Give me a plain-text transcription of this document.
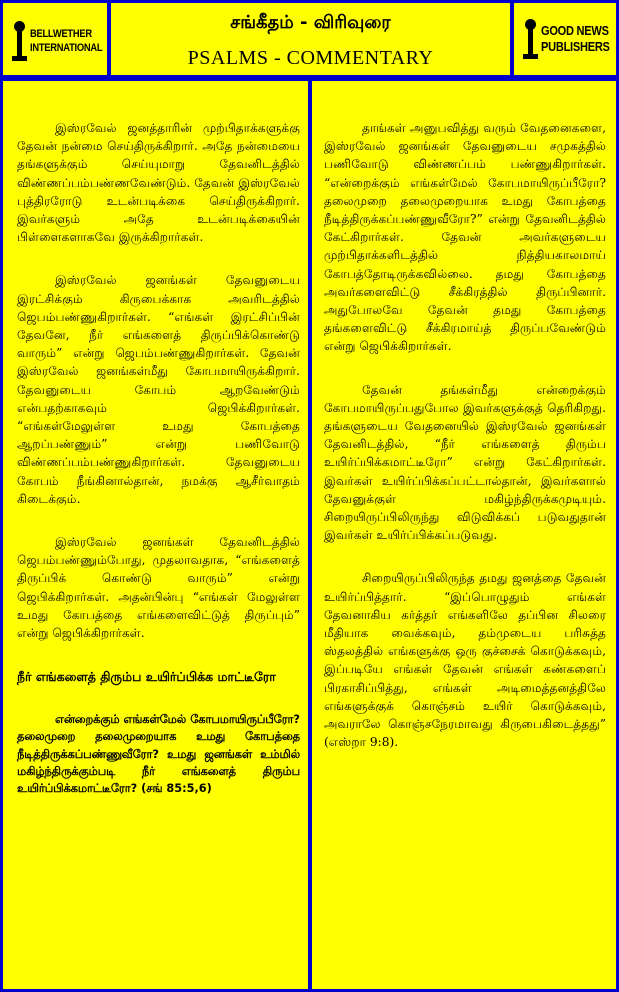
BELLWETHER
INTERNATIONAL
சங்கீதம் - விரிவுரை
PSALMS - COMMENTARY
GOOD NEWS
PUBLISHERS

இஸ்ரவேல் ஜனத்தாரின் முற்பிதாக்களுக்கு தேவன் நன்மை செய்திருக்கிறார். அதே நன்மையை தங்களுக்கும் செய்யுமாறு தேவனிடத்தில் விண்ணப்பம்பண்ணவேண்டும். தேவன் இஸ்ரவேல் புத்திரரோடு உடன்படிக்கை செய்திருக்கிறார். இவர்களும் அதே உடன்படிக்கையின் பிள்ளைகளாகவே இருக்கிறார்கள்.

இஸ்ரவேல் ஜனங்கள் தேவனுடைய இரட்சிக்கும் கிருபைக்காக அவரிடத்தில் ஜெபம்பண்ணுகிறார்கள். “எங்கள் இரட்சிப்பின் தேவனே, நீர் எங்களைத் திருப்பிக்கொண்டு வாரும்” என்று ஜெபம்பண்ணுகிறார்கள். தேவன் இஸ்ரவேல் ஜனங்கள்மீது கோபமாயிருக்கிறார். தேவனுடைய கோபம் ஆறவேண்டும் என்பதற்காகவும் ஜெபிக்கிறார்கள். “எங்கள்மேலுள்ள உமது கோபத்தை ஆறப்பண்ணும்” என்று பணிவோடு விண்ணப்பம்பண்ணுகிறார்கள். தேவனுடைய கோபம் நீங்கினால்தான், நமக்கு ஆசீர்வாதம் கிடைக்கும்.

இஸ்ரவேல் ஜனங்கள் தேவனிடத்தில் ஜெபம்பண்ணும்போது, முதலாவதாக, “எங்களைத் திருப்பிக் கொண்டு வாரும்” என்று ஜெபிக்கிறார்கள். அதன்பின்பு “எங்கள் மேலுள்ள உமது கோபத்தை எங்களைவிட்டுத் திருப்பும்” என்று ஜெபிக்கிறார்கள்.

நீர் எங்களைத் திரும்ப உயிர்ப்பிக்க மாட்டீரோ

என்றைக்கும் எங்கள்மேல் கோபமாயிருப்பீரோ? தலைமுறை தலைமுறையாக உமது கோபத்தை நீடித்திருக்கப்பண்ணுவீரோ? உமது ஜனங்கள் உம்மில் மகிழ்ந்திருக்கும்படி நீர் எங்களைத் திரும்ப உயிர்ப்பிக்கமாட்டீரோ? (சங் 85:5,6)

தாங்கள் அனுபவித்து வரும் வேதனைகளை, இஸ்ரவேல் ஜனங்கள் தேவனுடைய சமுகத்தில் பணிவோடு விண்ணப்பம் பண்ணுகிறார்கள். “என்றைக்கும் எங்கள்மேல் கோபமாயிருப்பீரோ? தலைமுறை தலைமுறையாக உமது கோபத்தை நீடித்திருக்கப்பண்ணுவீரோ?” என்று தேவனிடத்தில் கேட்கிறார்கள். தேவன் அவர்களுடைய முற்பிதாக்களிடத்தில் நித்தியகாலமாய் கோபத்தோடிருக்கவில்லை. தமது கோபத்தை அவர்களைவிட்டு சீக்கிரத்தில் திருப்பினார். அதுபோலவே தேவன் தமது கோபத்தை தங்களைவிட்டு சீக்கிரமாய்த் திருப்பவேண்டும் என்று ஜெபிக்கிறார்கள்.

தேவன் தங்கள்மீது என்றைக்கும் கோபமாயிருப்பதுபோல இவர்களுக்குத் தெரிகிறது. தங்களுடைய வேதனையில் இஸ்ரவேல் ஜனங்கள் தேவனிடத்தில், “நீர் எங்களைத் திரும்ப உயிர்ப்பிக்கமாட்டீரோ” என்று கேட்கிறார்கள். இவர்கள் உயிர்ப்பிக்கப்பட்டால்தான், இவர்களால் தேவனுக்குள் மகிழ்ந்திருக்கமுடியும். சிறையிருப்பிலிருந்து விடுவிக்கப் படுவதுதான் இவர்கள் உயிர்ப்பிக்கப்படுவது.

சிறையிருப்பிலிருந்த தமது ஜனத்தை தேவன் உயிர்ப்பித்தார். “இப்பொழுதும் எங்கள் தேவனாகிய கர்த்தர் எங்களிலே தப்பின சிலரை மீதியாக வைக்கவும், தம்முடைய பரிசுத்த ஸ்தலத்தில் எங்களுக்கு ஒரு குச்சைக் கொடுக்கவும், இப்படியே எங்கள் தேவன் எங்கள் கண்களைப் பிரகாசிப்பித்து, எங்கள் அடிமைத்தனத்திலே எங்களுக்குக் கொஞ்சம் உயிர் கொடுக்கவும், அவராலே கொஞ்சநேரமாவது கிருபைகிடைத்தது” (எஸ்றா 9:8).
